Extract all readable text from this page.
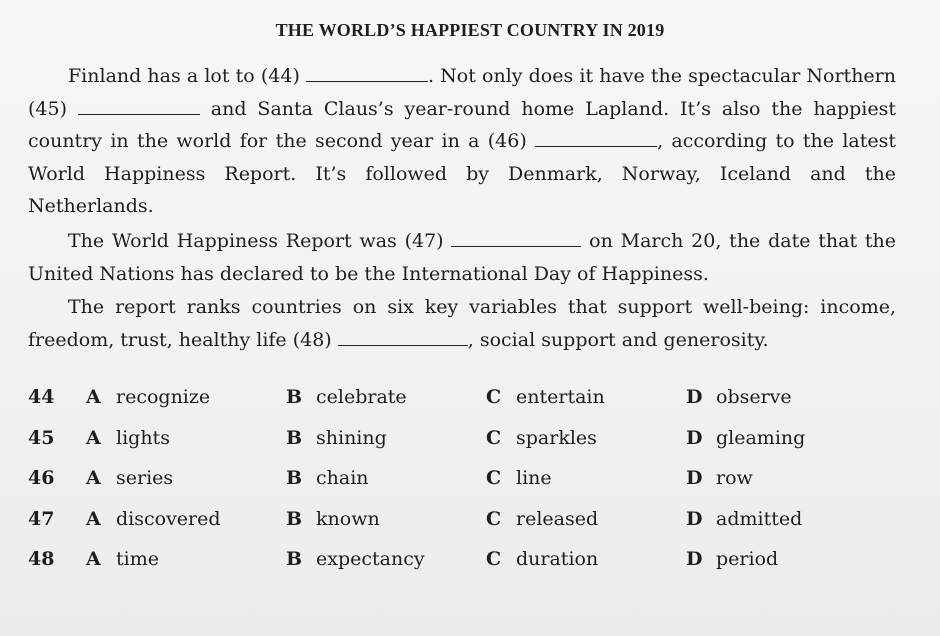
THE WORLD’S HAPPIEST COUNTRY IN 2019

Finland has a lot to (44)	. Not only does it have the spectacular Northern (45)	and Santa Claus’s year-round home Lapland. It’s also the happiest country in the world for the second year in a (46)	, according to the latest World Happiness Report. It’s followed by Denmark, Norway, Iceland and the Netherlands.

The World Happiness Report was (47)	on March 20, the date that the United Nations has declared to be the International Day of Happiness.

The report ranks countries on six key variables that support well-being: income, freedom, trust, healthy life (48)	, social support and generosity.

44 A recognize	B celebrate	C entertain	D observe
45 A lights	B shining	C sparkles	D gleaming
46 A series	B chain	C line	D row
47 A discovered	B known	C released	D admitted
48 A time	B expectancy	C duration	D period
